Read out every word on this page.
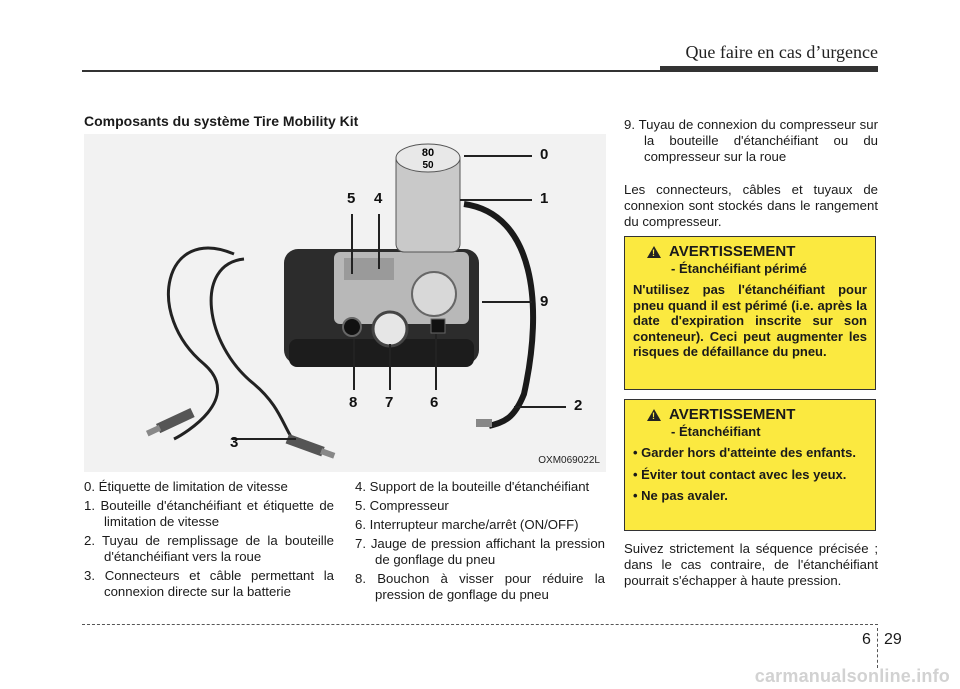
Que faire en cas d’urgence
Composants du système Tire Mobility Kit
80
50
0
1
2
3
4
5
6
7
8
9
OXM069022L
0. Étiquette de limitation de vitesse
1. Bouteille d'étanchéifiant et étiquette de limitation de vitesse
2. Tuyau de remplissage de la bouteille d'étanchéifiant vers la roue
3. Connecteurs et câble permettant la connexion directe sur la batterie
4. Support de la bouteille d'étanchéifiant
5. Compresseur
6. Interrupteur marche/arrêt (ON/OFF)
7. Jauge de pression affichant la pression de gonflage du pneu
8. Bouchon à visser pour réduire la pression de gonflage du pneu
9. Tuyau de connexion du compresseur sur la bouteille d'étanchéifiant ou du compresseur sur la roue
Les connecteurs, câbles et tuyaux de connexion sont stockés dans le rangement du compresseur.
! AVERTISSEMENT
- Étanchéifiant périmé
N'utilisez pas l'étanchéifiant pour pneu quand il est périmé (i.e. après la date d'expiration inscrite sur son conteneur). Ceci peut augmenter les risques de défaillance du pneu.
! AVERTISSEMENT
- Étanchéifiant
• Garder hors d'atteinte des enfants.
• Éviter tout contact avec les yeux.
• Ne pas avaler.
Suivez strictement la séquence précisée ; dans le cas contraire, de l'étanchéifiant pourrait s'échapper à haute pression.
6 29
carmanualsonline.info
